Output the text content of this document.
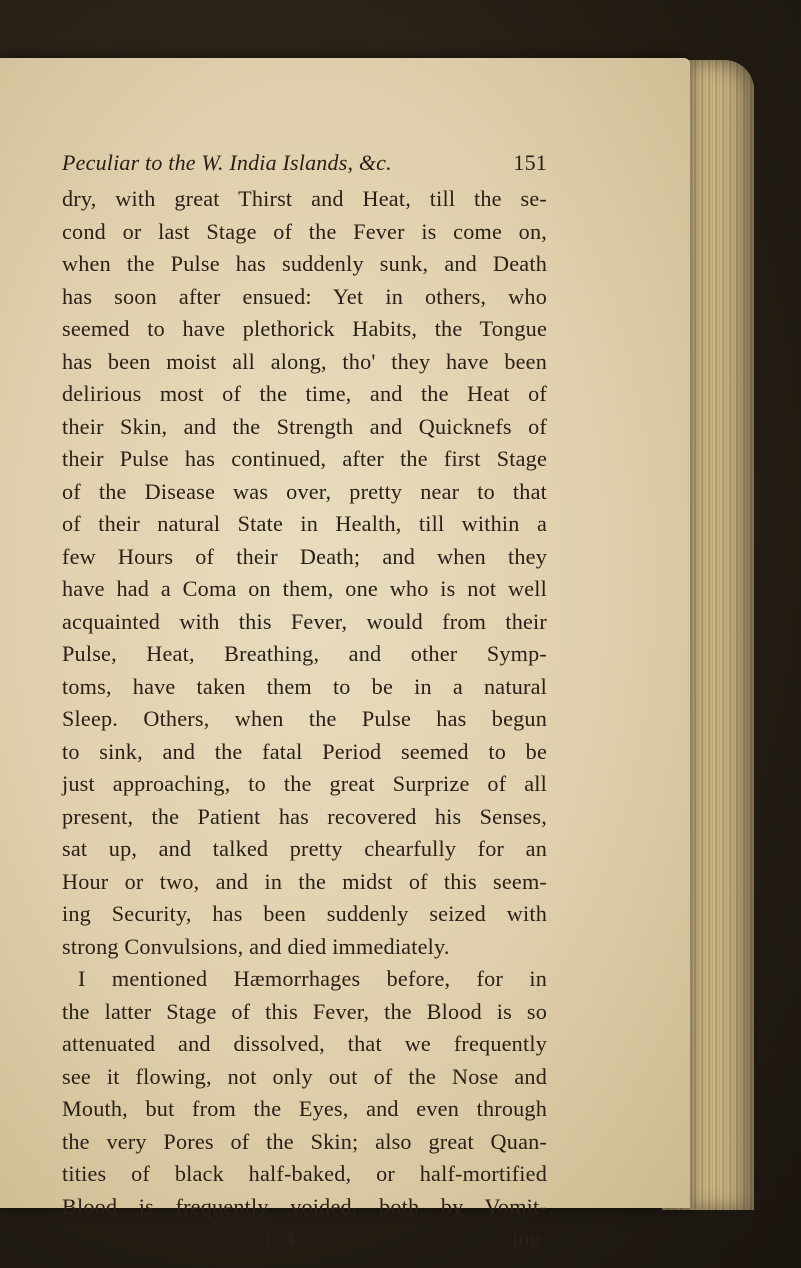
Peculiar to the W. India Islands, &c.	151
dry, with great Thirst and Heat, till the se-
cond or last Stage of the Fever is come on,
when the Pulse has suddenly sunk, and Death
has soon after ensued: Yet in others, who
seemed to have plethorick Habits, the Tongue
has been moist all along, tho' they have been
delirious most of the time, and the Heat of
their Skin, and the Strength and Quicknefs of
their Pulse has continued, after the first Stage
of the Disease was over, pretty near to that
of their natural State in Health, till within a
few Hours of their Death; and when they
have had a Coma on them, one who is not well
acquainted with this Fever, would from their
Pulse, Heat, Breathing, and other Symp-
toms, have taken them to be in a natural
Sleep. Others, when the Pulse has begun
to sink, and the fatal Period seemed to be
just approaching, to the great Surprize of all
present, the Patient has recovered his Senses,
sat up, and talked pretty chearfully for an
Hour or two, and in the midst of this seem-
ing Security, has been suddenly seized with
strong Convulsions, and died immediately.
I mentioned Hæmorrhages before, for in
the latter Stage of this Fever, the Blood is so
attenuated and dissolved, that we frequently
see it flowing, not only out of the Nose and
Mouth, but from the Eyes, and even through
the very Pores of the Skin; also great Quan-
tities of black half-baked, or half-mortified
Blood is frequently voided, both by Vomit-
L 4	ing
